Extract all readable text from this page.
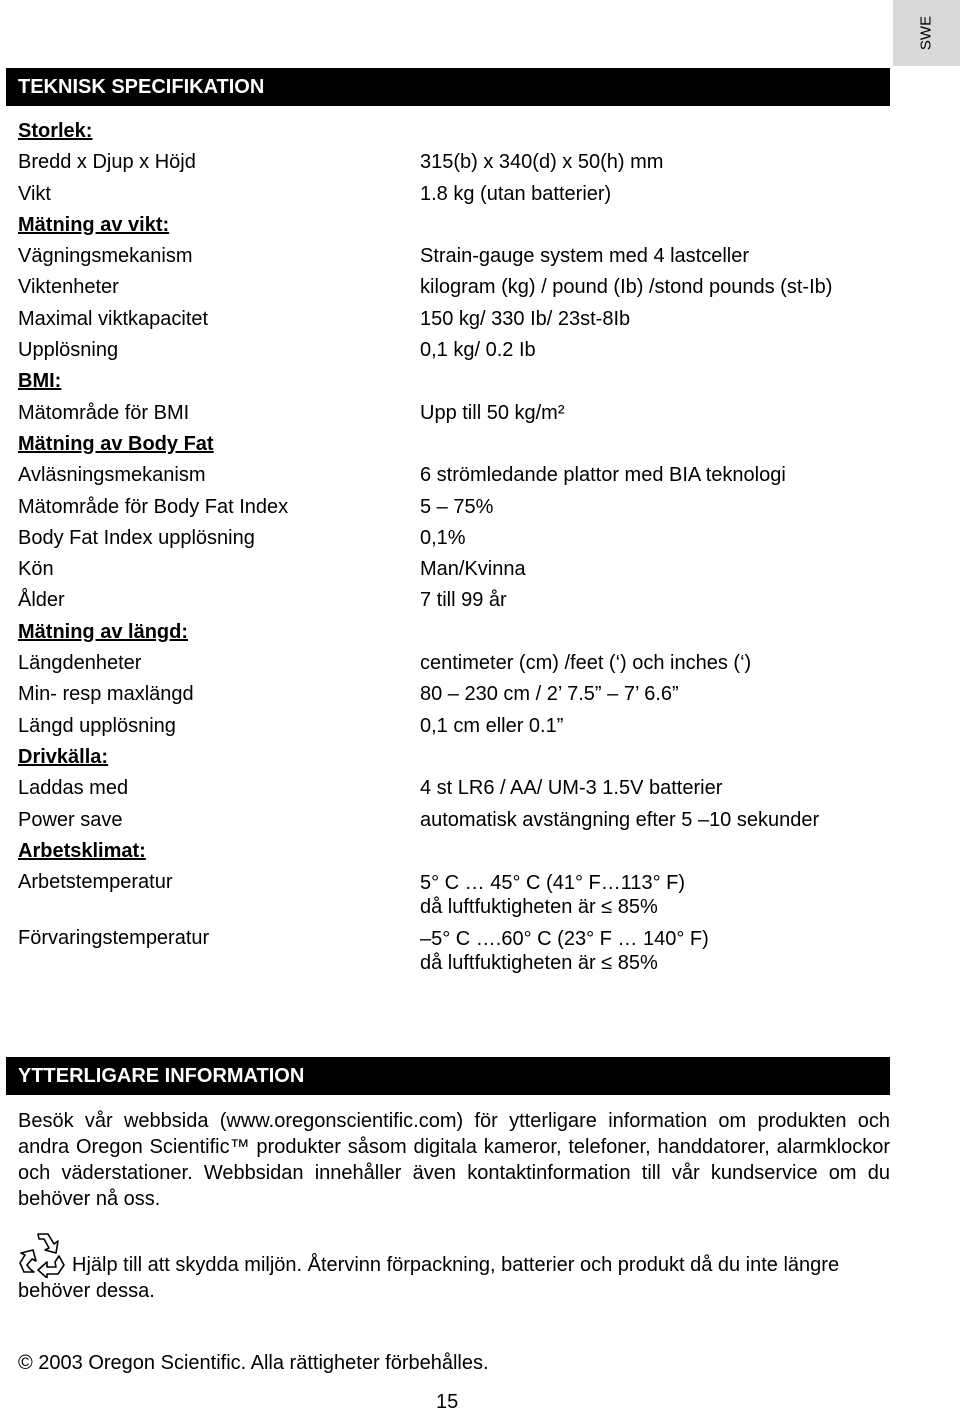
SWE
TEKNISK SPECIFIKATION
Storlek:
Bredd x Djup x Höjd	315(b) x 340(d) x 50(h) mm
Vikt	1.8 kg (utan batterier)
Mätning av vikt:
Vägningsmekanism	Strain-gauge system med 4 lastceller
Viktenheter	kilogram (kg) / pound (Ib) /stond pounds (st-Ib)
Maximal viktkapacitet	150 kg/ 330 Ib/ 23st-8Ib
Upplösning	0,1 kg/ 0.2 Ib
BMI:
Mätområde för BMI	Upp till 50 kg/m²
Mätning av Body Fat
Avläsningsmekanism	6 strömledande plattor med BIA teknologi
Mätområde för Body Fat Index	5 – 75%
Body Fat Index upplösning	0,1%
Kön	Man/Kvinna
Ålder	7 till 99 år
Mätning av längd:
Längdenheter	centimeter (cm) /feet (‘) och inches (‘)
Min- resp maxlängd	80 – 230 cm / 2’ 7.5” – 7’ 6.6”
Längd upplösning	0,1 cm eller 0.1”
Drivkälla:
Laddas med	4 st LR6 / AA/ UM-3 1.5V batterier
Power save	automatisk avstängning efter 5 –10 sekunder
Arbetsklimat:
Arbetstemperatur	5° C … 45° C (41° F…113° F)
då luftfuktigheten är ≤ 85%
Förvaringstemperatur	–5° C ….60° C (23° F … 140° F)
då luftfuktigheten är ≤ 85%
YTTERLIGARE INFORMATION
Besök vår webbsida (www.oregonscientific.com) för ytterligare information om produkten och andra Oregon Scientific™ produkter såsom digitala kameror, telefoner, handdatorer, alarmklockor och väderstationer. Webbsidan innehåller även kontaktinformation till vår kundservice om du behöver nå oss.
Hjälp till att skydda miljön. Återvinn förpackning, batterier och produkt då du inte längre behöver dessa.
© 2003 Oregon Scientific. Alla rättigheter förbehålles.
15
